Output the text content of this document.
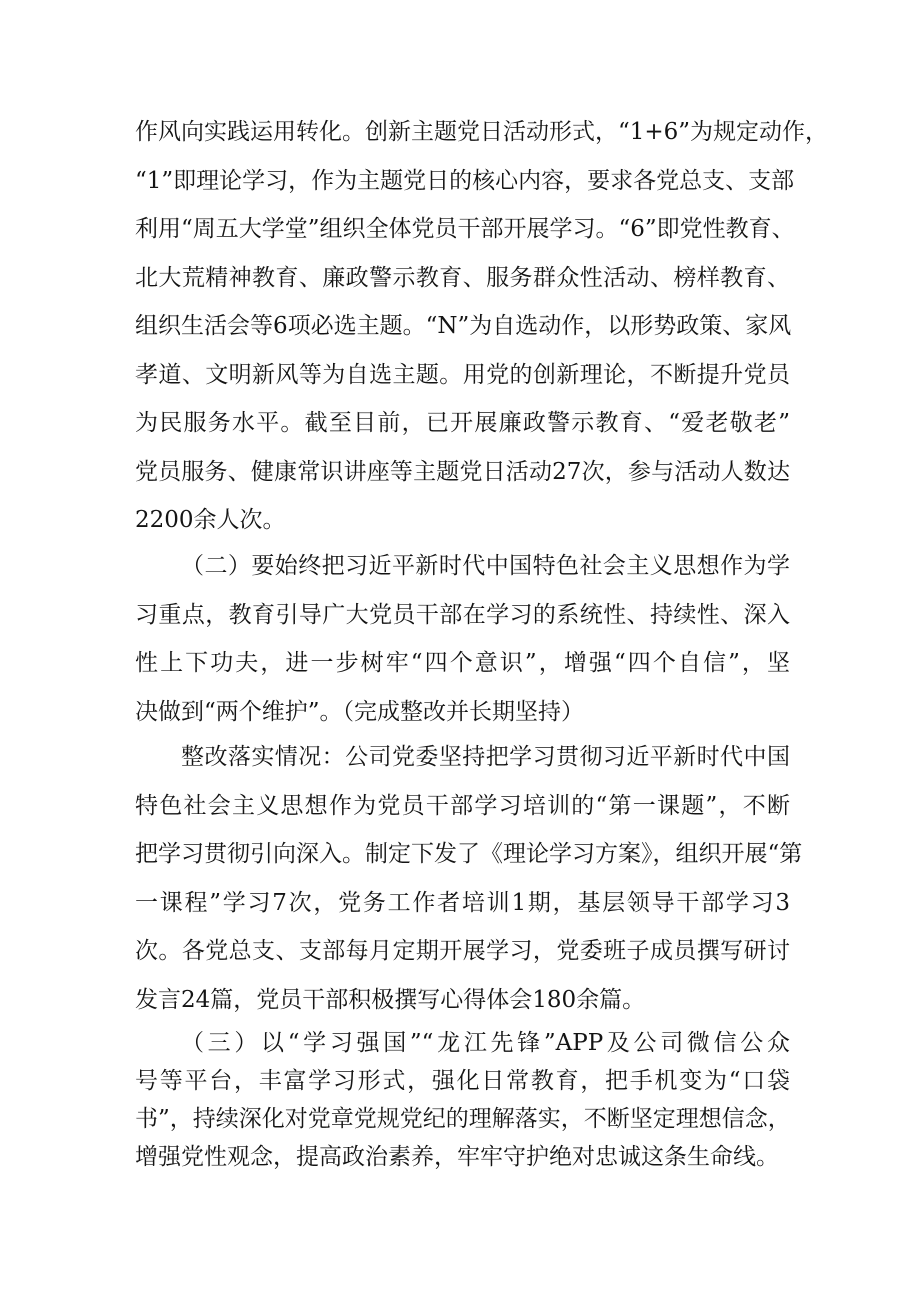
作风向实践运用转化。创新主题党日活动形式，“1+6”为规定动作，
“1”即理论学习，作为主题党日的核心内容，要求各党总支、支部
利用“周五大学堂”组织全体党员干部开展学习。“6”即党性教育、
北大荒精神教育、廉政警示教育、服务群众性活动、榜样教育、
组织生活会等6项必选主题。“N”为自选动作，以形势政策、家风
孝道、文明新风等为自选主题。用党的创新理论，不断提升党员
为民服务水平。截至目前，已开展廉政警示教育、“爱老敬老”
党员服务、健康常识讲座等主题党日活动27次，参与活动人数达
2200余人次。
（二）要始终把习近平新时代中国特色社会主义思想作为学
习重点，教育引导广大党员干部在学习的系统性、持续性、深入
性上下功夫，进一步树牢“四个意识”，增强“四个自信”，坚
决做到“两个维护”。（完成整改并长期坚持）
整改落实情况：公司党委坚持把学习贯彻习近平新时代中国
特色社会主义思想作为党员干部学习培训的“第一课题”，不断
把学习贯彻引向深入。制定下发了《理论学习方案》，组织开展“第
一课程”学习7次，党务工作者培训1期，基层领导干部学习3
次。各党总支、支部每月定期开展学习，党委班子成员撰写研讨
发言24篇，党员干部积极撰写心得体会180余篇。
（三）以“学习强国”“龙江先锋”APP及公司微信公众
号等平台，丰富学习形式，强化日常教育，把手机变为“口袋
书”，持续深化对党章党规党纪的理解落实，不断坚定理想信念，
增强党性观念，提高政治素养，牢牢守护绝对忠诚这条生命线。
